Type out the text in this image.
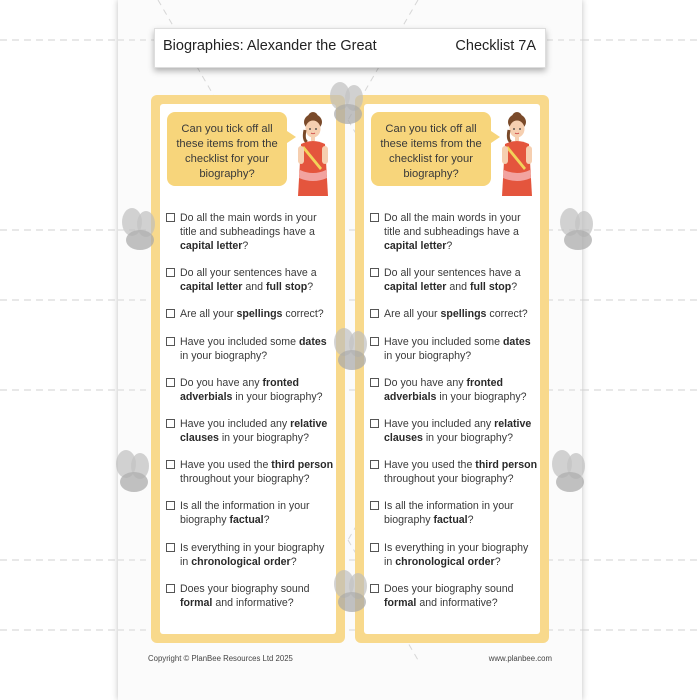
Biographies: Alexander the Great	Checklist 7A
Can you tick off all these items from the checklist for your biography?
Do all the main words in your title and subheadings have a capital letter?
Do all your sentences have a capital letter and full stop?
Are all your spellings correct?
Have you included some dates in your biography?
Do you have any fronted adverbials in your biography?
Have you included any relative clauses in your biography?
Have you used the third person throughout your biography?
Is all the information in your biography factual?
Is everything in your biography in chronological order?
Does your biography sound formal and informative?
Can you tick off all these items from the checklist for your biography?
Do all the main words in your title and subheadings have a capital letter?
Do all your sentences have a capital letter and full stop?
Are all your spellings correct?
Have you included some dates in your biography?
Do you have any fronted adverbials in your biography?
Have you included any relative clauses in your biography?
Have you used the third person throughout your biography?
Is all the information in your biography factual?
Is everything in your biography in chronological order?
Does your biography sound formal and informative?
Copyright © PlanBee Resources Ltd 2025	www.planbee.com
